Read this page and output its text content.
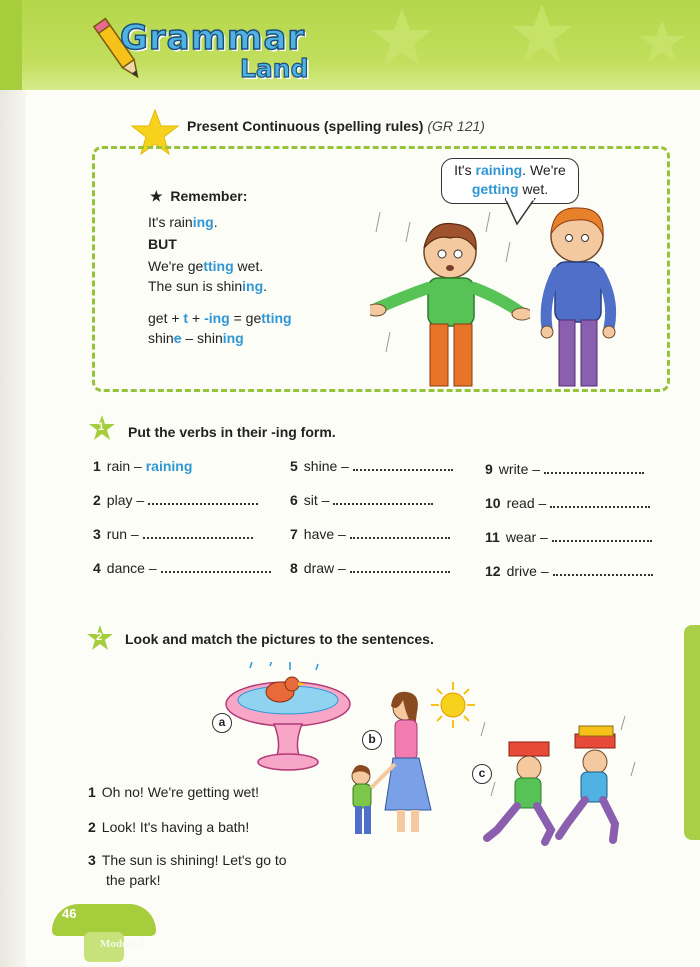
Grammar
Land
Present Continuous (spelling rules) (GR 121)
★ Remember:
It's raining.
BUT
We're getting wet.
The sun is shining.
get + t + -ing = getting
shine – shining
It's raining. We're
getting wet.
1 Put the verbs in their -ing form.
1 rain – raining
2 play –
3 run –
4 dance –
5 shine –
6 sit –
7 have –
8 draw –
9 write –
10 read –
11 wear –
12 drive –
2 Look and match the pictures to the sentences.
a
b
c
1 Oh no! We're getting wet!
2 Look! It's having a bath!
3 The sun is shining! Let's go to
the park!
46
Module 2
